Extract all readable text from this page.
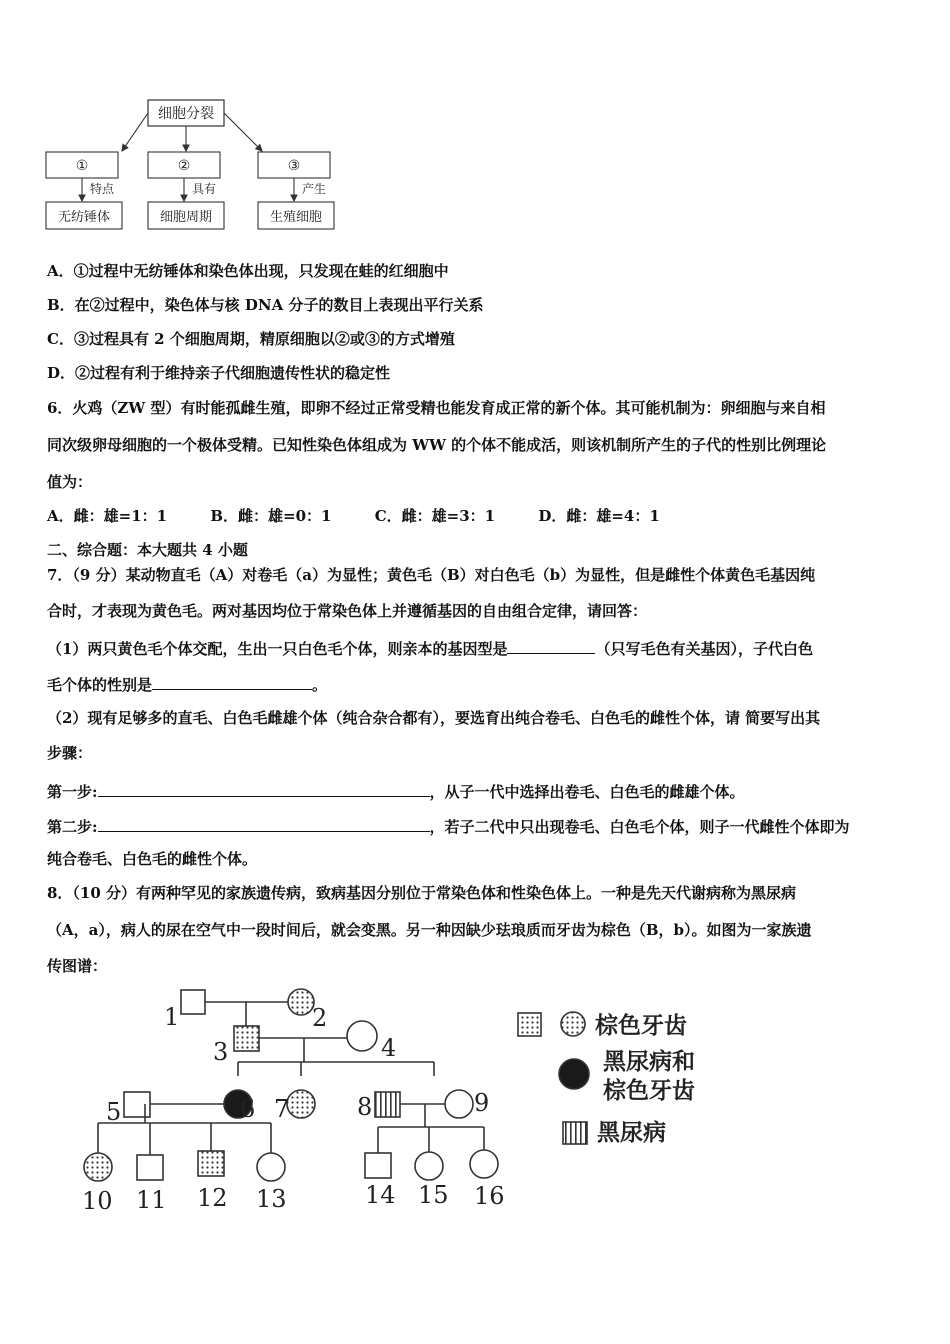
细胞分裂
①	②	③
特点	具有	产生
无纺锤体	细胞周期	生殖细胞
A．①过程中无纺锤体和染色体出现，只发现在蛙的红细胞中
B．在②过程中，染色体与核 DNA 分子的数目上表现出平行关系
C．③过程具有 2 个细胞周期，精原细胞以②或③的方式增殖
D．②过程有利于维持亲子代细胞遗传性状的稳定性
6．火鸡（ZW 型）有时能孤雌生殖，即卵不经过正常受精也能发育成正常的新个体。其可能机制为：卵细胞与来自相
同次级卵母细胞的一个极体受精。已知性染色体组成为 WW 的个体不能成活，则该机制所产生的子代的性别比例理论
值为：
A．雌：雄=1：1	B．雌：雄=0：1	C．雌：雄=3：1	D．雌：雄=4：1
二、综合题：本大题共 4 小题
7．（9 分）某动物直毛（A）对卷毛（a）为显性；黄色毛（B）对白色毛（b）为显性，但是雌性个体黄色毛基因纯
合时，才表现为黄色毛。两对基因均位于常染色体上并遵循基因的自由组合定律，请回答：
（1）两只黄色毛个体交配，生出一只白色毛个体，则亲本的基因型是	（只写毛色有关基因），子代白色
毛个体的性别是	。
（2）现有足够多的直毛、白色毛雌雄个体（纯合杂合都有），要选育出纯合卷毛、白色毛的雌性个体，请 简要写出其
步骤：
第一步:	，从子一代中选择出卷毛、白色毛的雌雄个体。
第二步:	，若子二代中只出现卷毛、白色毛个体，则子一代雌性个体即为
纯合卷毛、白色毛的雌性个体。
8．（10 分）有两种罕见的家族遗传病，致病基因分别位于常染色体和性染色体上。一种是先天代谢病称为黑尿病
（A，a），病人的尿在空气中一段时间后，就会变黑。另一种因缺少珐琅质而牙齿为棕色（B，b）。如图为一家族遗
传图谱：
1	2
3	4
5	6 7	8	9
10 11 12 13	14 15 16
棕色牙齿
黑尿病和
棕色牙齿
黑尿病
